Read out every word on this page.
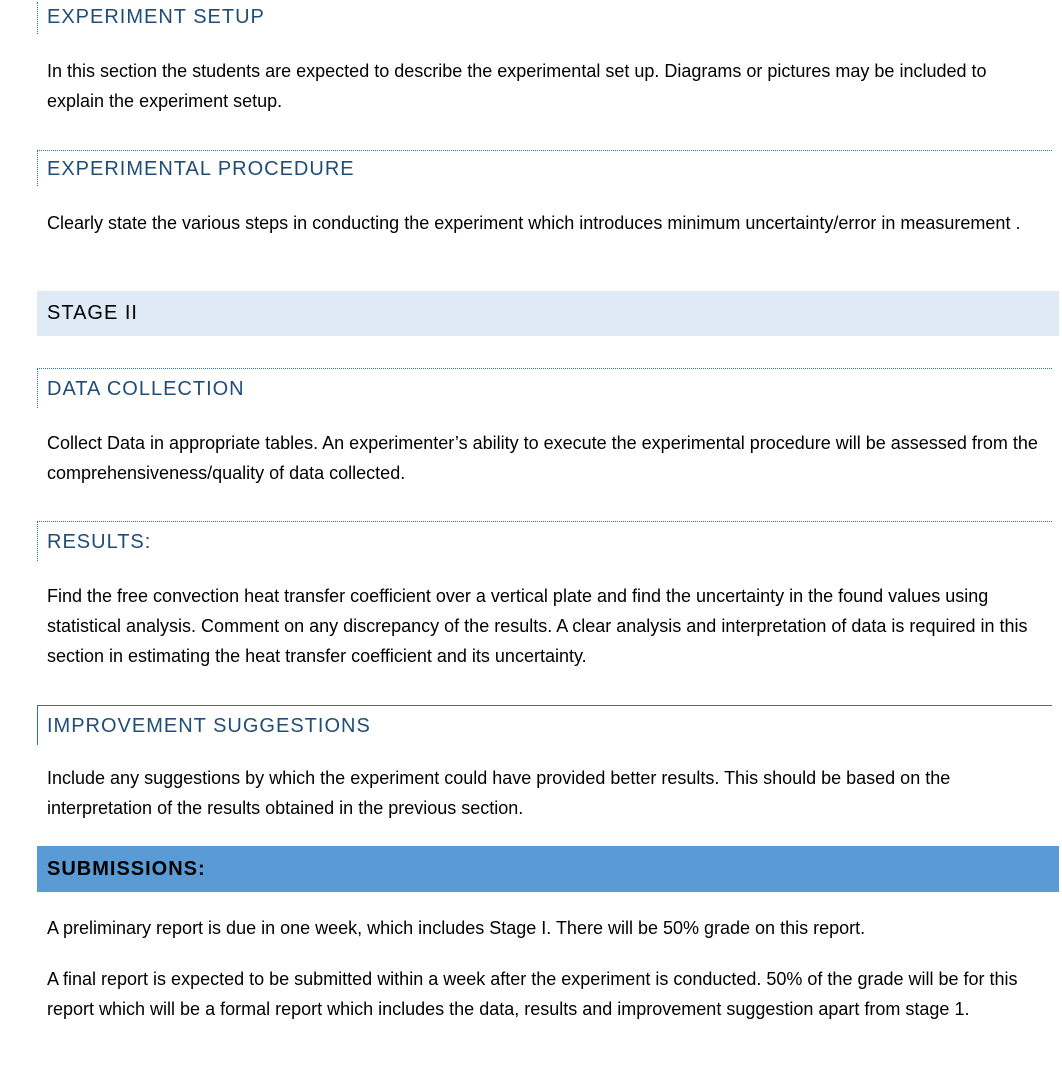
EXPERIMENT SETUP

In this section the students are expected to describe the experimental set up. Diagrams or pictures may be included to explain the experiment setup.

EXPERIMENTAL PROCEDURE

Clearly state the various steps in conducting the experiment which introduces minimum uncertainty/error in measurement .

STAGE II
DATA COLLECTION

Collect Data in appropriate tables. An experimenter’s ability to execute the experimental procedure will be assessed from the comprehensiveness/quality of data collected.

RESULTS:

Find the free convection heat transfer coefficient over a vertical plate and find the uncertainty in the found values using statistical analysis. Comment on any discrepancy of the results. A clear analysis and interpretation of data is required in this section in estimating the heat transfer coefficient and its uncertainty.

IMPROVEMENT SUGGESTIONS

Include any suggestions by which the experiment could have provided better results. This should be based on the interpretation of the results obtained in the previous section.

SUBMISSIONS:

A preliminary report is due in one week, which includes Stage I. There will be 50% grade on this report.

A final report is expected to be submitted within a week after the experiment is conducted. 50% of the grade will be for this report which will be a formal report which includes the data, results and improvement suggestion apart from stage 1.
